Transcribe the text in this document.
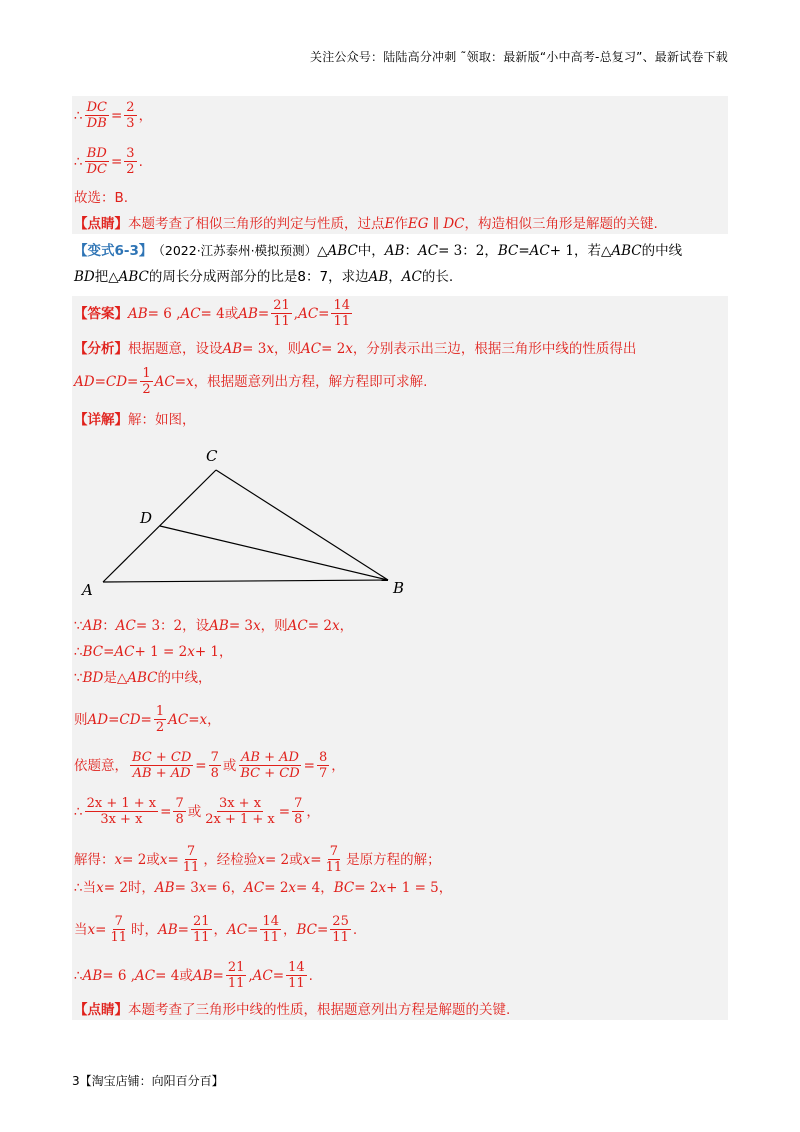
关注公众号：陆陆高分冲刺 ˜领取：最新版“小中高考-总复习”、最新试卷下载
∴ $\frac{DC}{DB} = \frac{2}{3}$ ，
∴ $\frac{BD}{DC} = \frac{3}{2}$ .
故选：B.
【点睛】 本题考查了相似三角形的判定与性质，过点 E 作 EG ∥ DC ，构造相似三角形是解题的关键.
【变式6-3】 （2022·江苏泰州·模拟预测） △ABC 中， AB ： AC = 3：2， BC = AC + 1，若 △ABC 的中线
BD 把 △ABC 的周长分成两部分的比是8：7，求边 AB ， AC 的长.
【答案】 AB = 6 , AC = 4 或 AB = $\frac{21}{11}$ , AC = $\frac{14}{11}$
【分析】 根据题意，设设 AB = 3 x ，则 AC = 2 x ，分别表示出三边，根据三角形中线的性质得出
AD = CD = $\frac{1}{2}$ AC = x ，根据题意列出方程，解方程即可求解.
【详解】 解：如图，
A	B
C
D
∵ AB ： AC = 3：2，设 AB = 3 x ，则 AC = 2 x ，
∴ BC = AC + 1 = 2 x + 1，
∵ BD 是 △ABC 的中线，
则 AD = CD = $\frac{1}{2}$ AC = x ，
依题意， $\frac{BC + CD}{AB + AD} = \frac{7}{8}$ 或 $\frac{AB + AD}{BC + CD} = \frac{8}{7}$ ，
∴ $\frac{2x + 1 + x}{3x + x} = \frac{7}{8}$ 或 $\frac{3x + x}{2x + 1 + x} = \frac{7}{8}$ ，
解得： x = 2 或 $x = \frac{7}{11}$ ，经检验 x = 2 或 $x = \frac{7}{11}$ 是原方程的解；
∴ 当 x = 2时， AB = 3 x = 6， AC = 2 x = 4， BC = 2 x + 1 = 5，
当 $x = \frac{7}{11}$ 时， AB = $\frac{21}{11}$ ， AC = $\frac{14}{11}$ ， BC = $\frac{25}{11}$ .
∴ AB = 6 , AC = 4 或 AB = $\frac{21}{11}$ , AC = $\frac{14}{11}$ .
【点睛】 本题考查了三角形中线的性质，根据题意列出方程是解题的关键.
3【淘宝店铺：向阳百分百】
